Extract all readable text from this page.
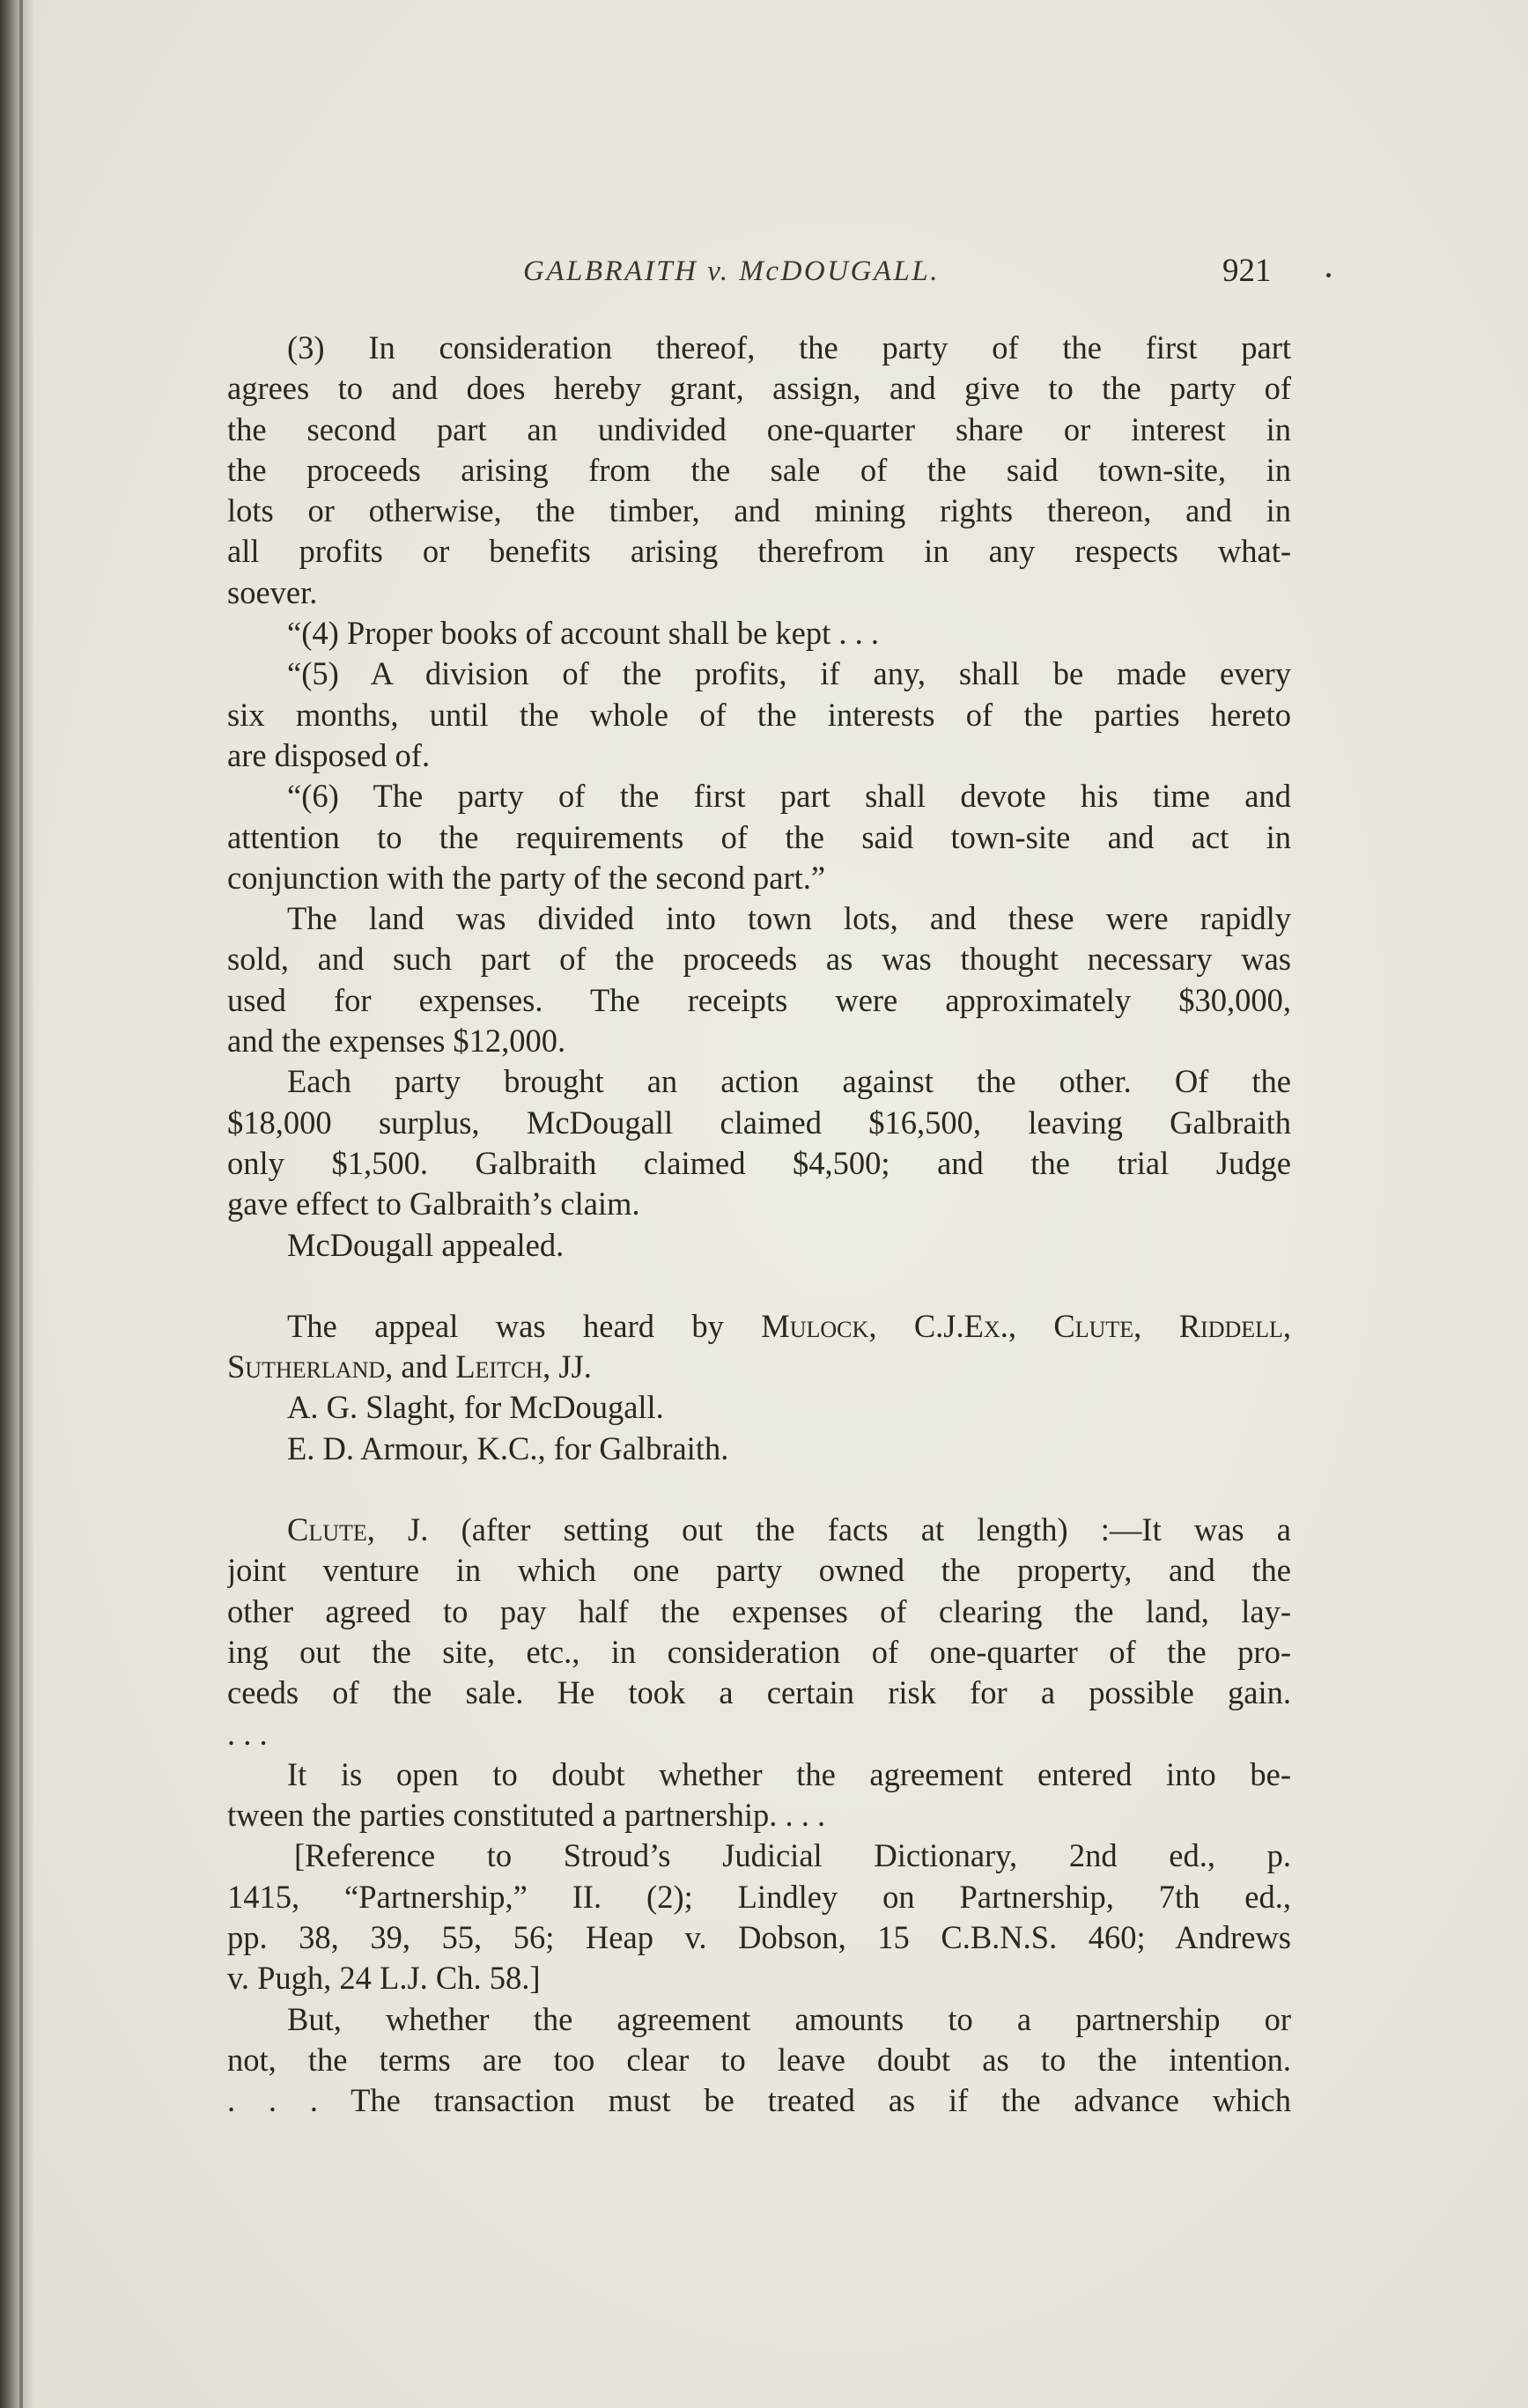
GALBRAITH v. McDOUGALL.	921
(3) In consideration thereof, the party of the first part
agrees to and does hereby grant, assign, and give to the party of
the second part an undivided one-quarter share or interest in
the proceeds arising from the sale of the said town-site, in
lots or otherwise, the timber, and mining rights thereon, and in
all profits or benefits arising therefrom in any respects what-
soever.
“(4) Proper books of account shall be kept . . .
“(5) A division of the profits, if any, shall be made every
six months, until the whole of the interests of the parties hereto
are disposed of.
“(6) The party of the first part shall devote his time and
attention to the requirements of the said town-site and act in
conjunction with the party of the second part.”
The land was divided into town lots, and these were rapidly
sold, and such part of the proceeds as was thought necessary was
used for expenses. The receipts were approximately $30,000,
and the expenses $12,000.
Each party brought an action against the other. Of the
$18,000 surplus, McDougall claimed $16,500, leaving Galbraith
only $1,500. Galbraith claimed $4,500; and the trial Judge
gave effect to Galbraith’s claim.
McDougall appealed.
The appeal was heard by Mulock, C.J.Ex., Clute, Riddell,
Sutherland, and Leitch, JJ.
A. G. Slaght, for McDougall.
E. D. Armour, K.C., for Galbraith.
Clute, J. (after setting out the facts at length) :—It was a
joint venture in which one party owned the property, and the
other agreed to pay half the expenses of clearing the land, lay-
ing out the site, etc., in consideration of one-quarter of the pro-
ceeds of the sale. He took a certain risk for a possible gain.
. . .
It is open to doubt whether the agreement entered into be-
tween the parties constituted a partnership. . . .
[Reference to Stroud’s Judicial Dictionary, 2nd ed., p.
1415, “Partnership,” II. (2); Lindley on Partnership, 7th ed.,
pp. 38, 39, 55, 56; Heap v. Dobson, 15 C.B.N.S. 460; Andrews
v. Pugh, 24 L.J. Ch. 58.]
But, whether the agreement amounts to a partnership or
not, the terms are too clear to leave doubt as to the intention.
. . . The transaction must be treated as if the advance which
